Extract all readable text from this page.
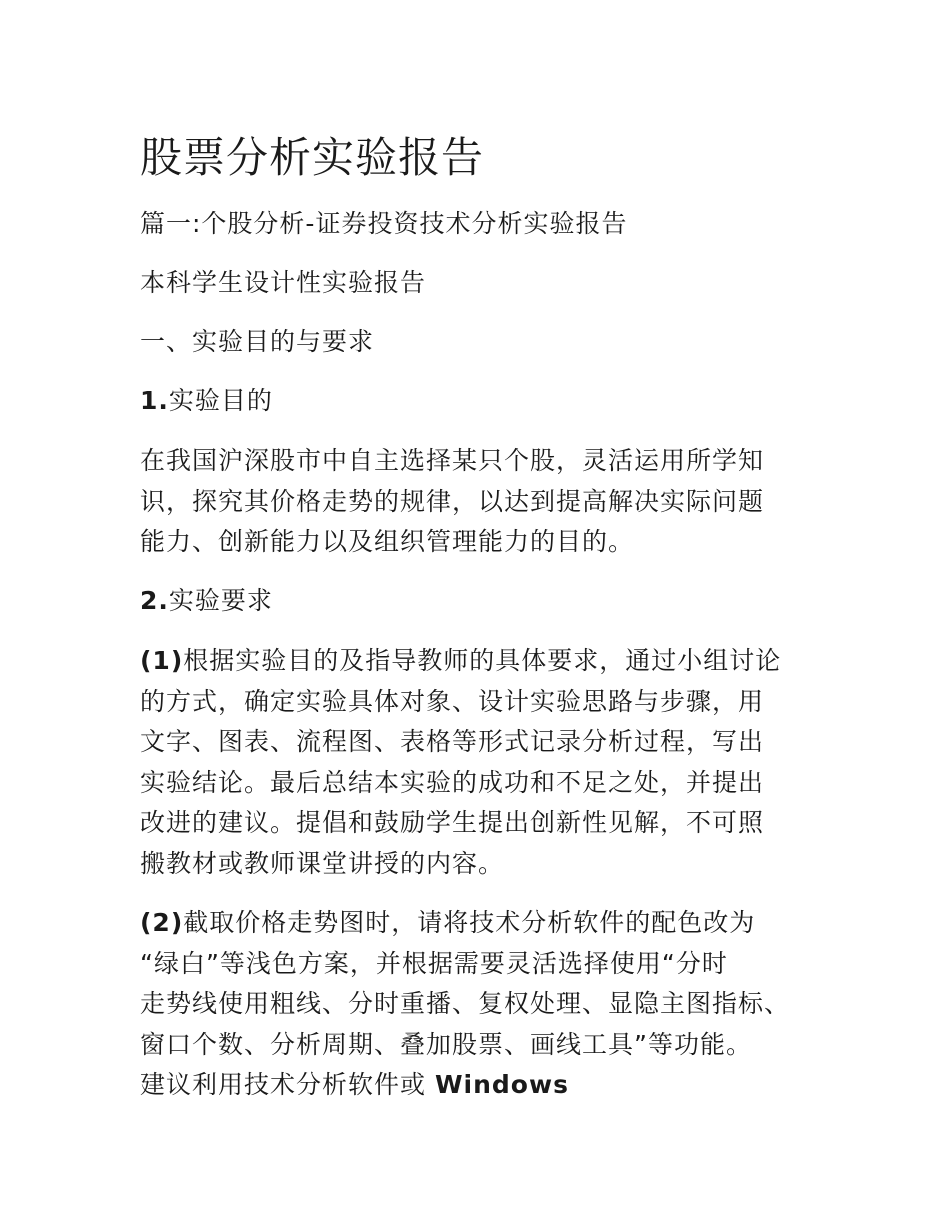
股票分析实验报告

篇一:个股分析-证券投资技术分析实验报告

本科学生设计性实验报告

一、实验目的与要求

1.实验目的

在我国沪深股市中自主选择某只个股，灵活运用所学知
识，探究其价格走势的规律，以达到提高解决实际问题
能力、创新能力以及组织管理能力的目的。

2.实验要求

(1)根据实验目的及指导教师的具体要求，通过小组讨论
的方式，确定实验具体对象、设计实验思路与步骤，用
文字、图表、流程图、表格等形式记录分析过程，写出
实验结论。最后总结本实验的成功和不足之处，并提出
改进的建议。提倡和鼓励学生提出创新性见解，不可照
搬教材或教师课堂讲授的内容。
(2)截取价格走势图时，请将技术分析软件的配色改为
“绿白”等浅色方案，并根据需要灵活选择使用“分时
走势线使用粗线、分时重播、复权处理、显隐主图指标、
窗口个数、分析周期、叠加股票、画线工具”等功能。
建议利用技术分析软件或 Windows
